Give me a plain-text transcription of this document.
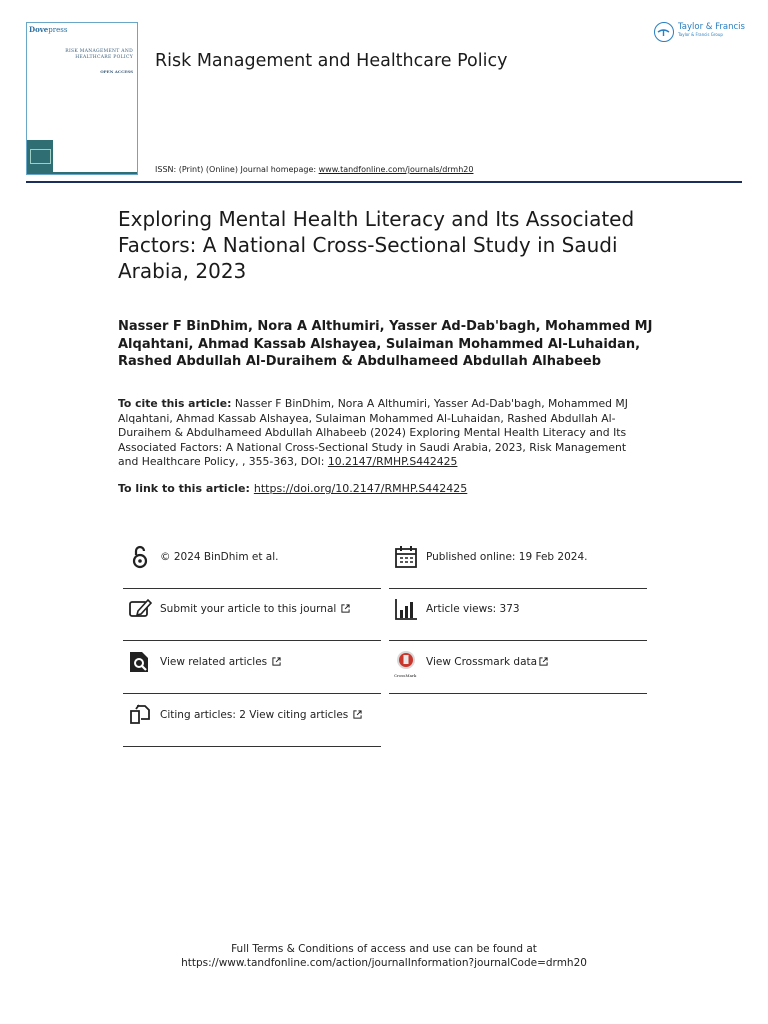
Dovepress
RISK MANAGEMENT AND
HEALTHCARE POLICY
OPEN ACCESS
Risk Management and Healthcare Policy
ISSN: (Print) (Online) Journal homepage: www.tandfonline.com/journals/drmh20
Taylor & Francis
Taylor & Francis Group
Exploring Mental Health Literacy and Its Associated Factors: A National Cross-Sectional Study in Saudi Arabia, 2023
Nasser F BinDhim, Nora A Althumiri, Yasser Ad-Dab'bagh, Mohammed MJ Alqahtani, Ahmad Kassab Alshayea, Sulaiman Mohammed Al-Luhaidan, Rashed Abdullah Al-Duraihem & Abdulhameed Abdullah Alhabeeb
To cite this article: Nasser F BinDhim, Nora A Althumiri, Yasser Ad-Dab'bagh, Mohammed MJ Alqahtani, Ahmad Kassab Alshayea, Sulaiman Mohammed Al-Luhaidan, Rashed Abdullah Al-Duraihem & Abdulhameed Abdullah Alhabeeb (2024) Exploring Mental Health Literacy and Its Associated Factors: A National Cross-Sectional Study in Saudi Arabia, 2023, Risk Management and Healthcare Policy, , 355-363, DOI: 10.2147/RMHP.S442425
To link to this article: https://doi.org/10.2147/RMHP.S442425
© 2024 BinDhim et al.	Published online: 19 Feb 2024.
Submit your article to this journal	Article views: 373
View related articles
CrossMark
View Crossmark data
Citing articles: 2 View citing articles
Full Terms & Conditions of access and use can be found at
https://www.tandfonline.com/action/journalInformation?journalCode=drmh20
